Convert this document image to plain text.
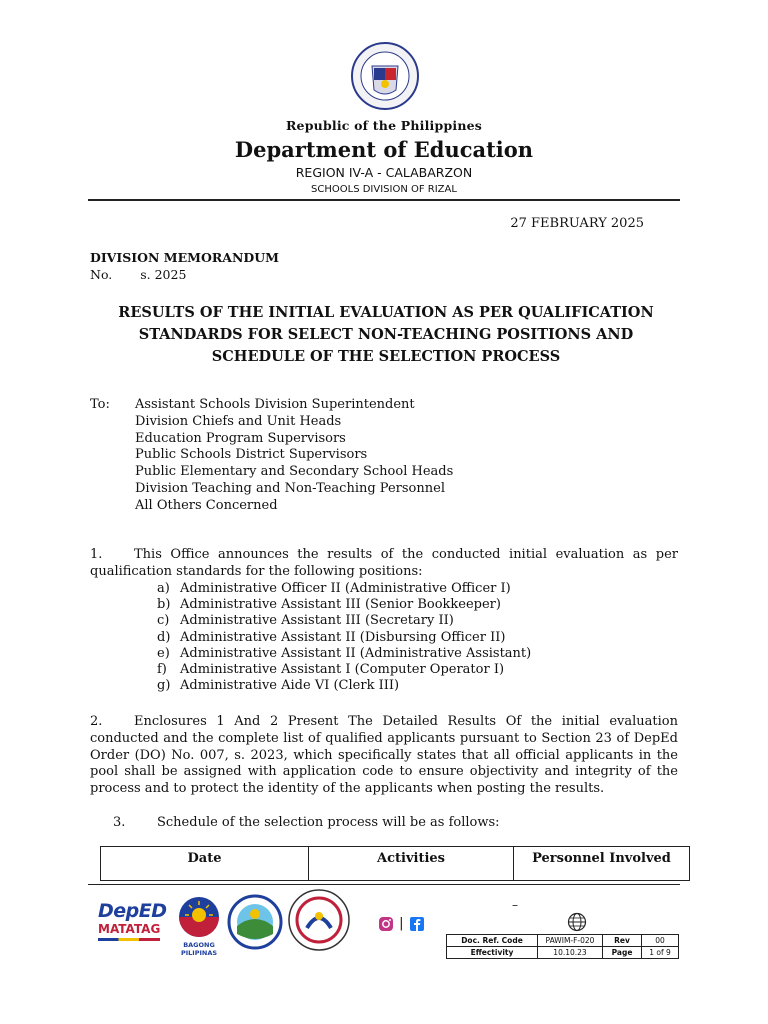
Republic of the Philippines
Department of Education
REGION IV-A - CALABARZON
SCHOOLS DIVISION OF RIZAL
27 FEBRUARY 2025
DIVISION MEMORANDUM
No. s. 2025
RESULTS OF THE INITIAL EVALUATION AS PER QUALIFICATION STANDARDS FOR SELECT NON-TEACHING POSITIONS AND SCHEDULE OF THE SELECTION PROCESS
To: Assistant Schools Division Superintendent
Division Chiefs and Unit Heads
Education Program Supervisors
Public Schools District Supervisors
Public Elementary and Secondary School Heads
Division Teaching and Non-Teaching Personnel
All Others Concerned
1. This Office announces the results of the conducted initial evaluation as per qualification standards for the following positions:
a) Administrative Officer II (Administrative Officer I)
b) Administrative Assistant III (Senior Bookkeeper)
c) Administrative Assistant III (Secretary II)
d) Administrative Assistant II (Disbursing Officer II)
e) Administrative Assistant II (Administrative Assistant)
f) Administrative Assistant I (Computer Operator I)
g) Administrative Aide VI (Clerk III)
2. Enclosures 1 And 2 Present The Detailed Results Of the initial evaluation conducted and the complete list of qualified applicants pursuant to Section 23 of DepEd Order (DO) No. 007, s. 2023, which specifically states that all official applicants in the pool shall be assigned with application code to ensure objectivity and integrity of the process and to protect the identity of the applicants when posting the results.
3. Schedule of the selection process will be as follows:
Date	Activities	Personnel Involved
DepED
MATATAG
BAGONG PILIPINAS
|
–
Doc. Ref. Code	PAWIM-F-020	Rev	00
Effectivity	10.10.23	Page	1 of 9
